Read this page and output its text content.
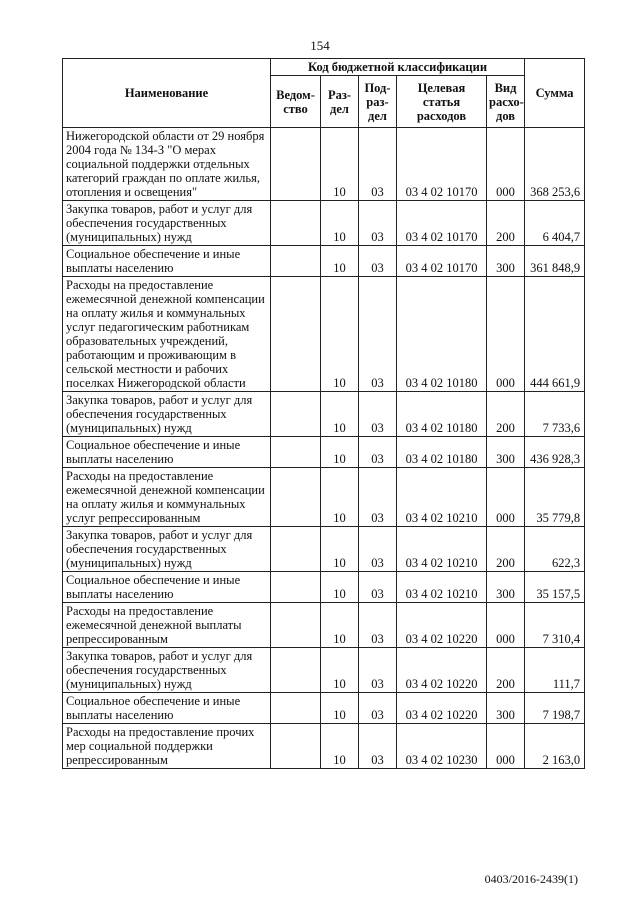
154
Наименование	Код бюджетной классификации					Сумма
	Ведом-ство	Раз-дел	Под-раз-дел	Целевая статья расходов	Вид расхо-дов	
Нижегородской области от 29 ноября 2004 года № 134-З "О мерах социальной поддержки отдельных категорий граждан по оплате жилья, отопления и освещения"		10	03	03 4 02 10170	000	368 253,6
Закупка товаров, работ и услуг для обеспечения государственных (муниципальных) нужд		10	03	03 4 02 10170	200	6 404,7
Социальное обеспечение и иные выплаты населению		10	03	03 4 02 10170	300	361 848,9
Расходы на предоставление ежемесячной денежной компенсации на оплату жилья и коммунальных услуг педагогическим работникам образовательных учреждений, работающим и проживающим в сельской местности и рабочих поселках Нижегородской области		10	03	03 4 02 10180	000	444 661,9
Закупка товаров, работ и услуг для обеспечения государственных (муниципальных) нужд		10	03	03 4 02 10180	200	7 733,6
Социальное обеспечение и иные выплаты населению		10	03	03 4 02 10180	300	436 928,3
Расходы на предоставление ежемесячной денежной компенсации на оплату жилья и коммунальных услуг репрессированным		10	03	03 4 02 10210	000	35 779,8
Закупка товаров, работ и услуг для обеспечения государственных (муниципальных) нужд		10	03	03 4 02 10210	200	622,3
Социальное обеспечение и иные выплаты населению		10	03	03 4 02 10210	300	35 157,5
Расходы на предоставление ежемесячной денежной выплаты репрессированным		10	03	03 4 02 10220	000	7 310,4
Закупка товаров, работ и услуг для обеспечения государственных (муниципальных) нужд		10	03	03 4 02 10220	200	111,7
Социальное обеспечение и иные выплаты населению		10	03	03 4 02 10220	300	7 198,7
Расходы на предоставление прочих мер социальной поддержки репрессированным		10	03	03 4 02 10230	000	2 163,0
0403/2016-2439(1)
